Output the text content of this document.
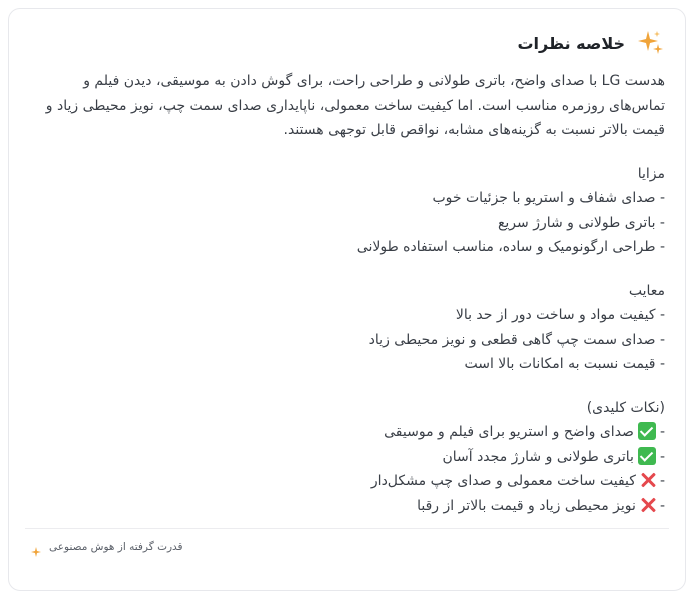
خلاصه نظرات

هدست LG با صدای واضح، باتری طولانی و طراحی راحت، برای گوش دادن به موسیقی، دیدن فیلم و تماس‌های روزمره مناسب است. اما کیفیت ساخت معمولی، ناپایداری صدای سمت چپ، نویز محیطی زیاد و قیمت بالاتر نسبت به گزینه‌های مشابه، نواقص قابل توجهی هستند.

مزایا
- صدای شفاف و استریو با جزئیات خوب
- باتری طولانی و شارژ سریع
- طراحی ارگونومیک و ساده، مناسب استفاده طولانی
معایب
- کیفیت مواد و ساخت دور از حد بالا
- صدای سمت چپ گاهی قطعی و نویز محیطی زیاد
- قیمت نسبت به امکانات بالا است
(نکات کلیدی)
-صدای واضح و استریو برای فیلم و موسیقی
-باتری طولانی و شارژ مجدد آسان
-کیفیت ساخت معمولی و صدای چپ مشکل‌دار
-نویز محیطی زیاد و قیمت بالاتر از رقبا
قدرت گرفته از هوش مصنوعی
